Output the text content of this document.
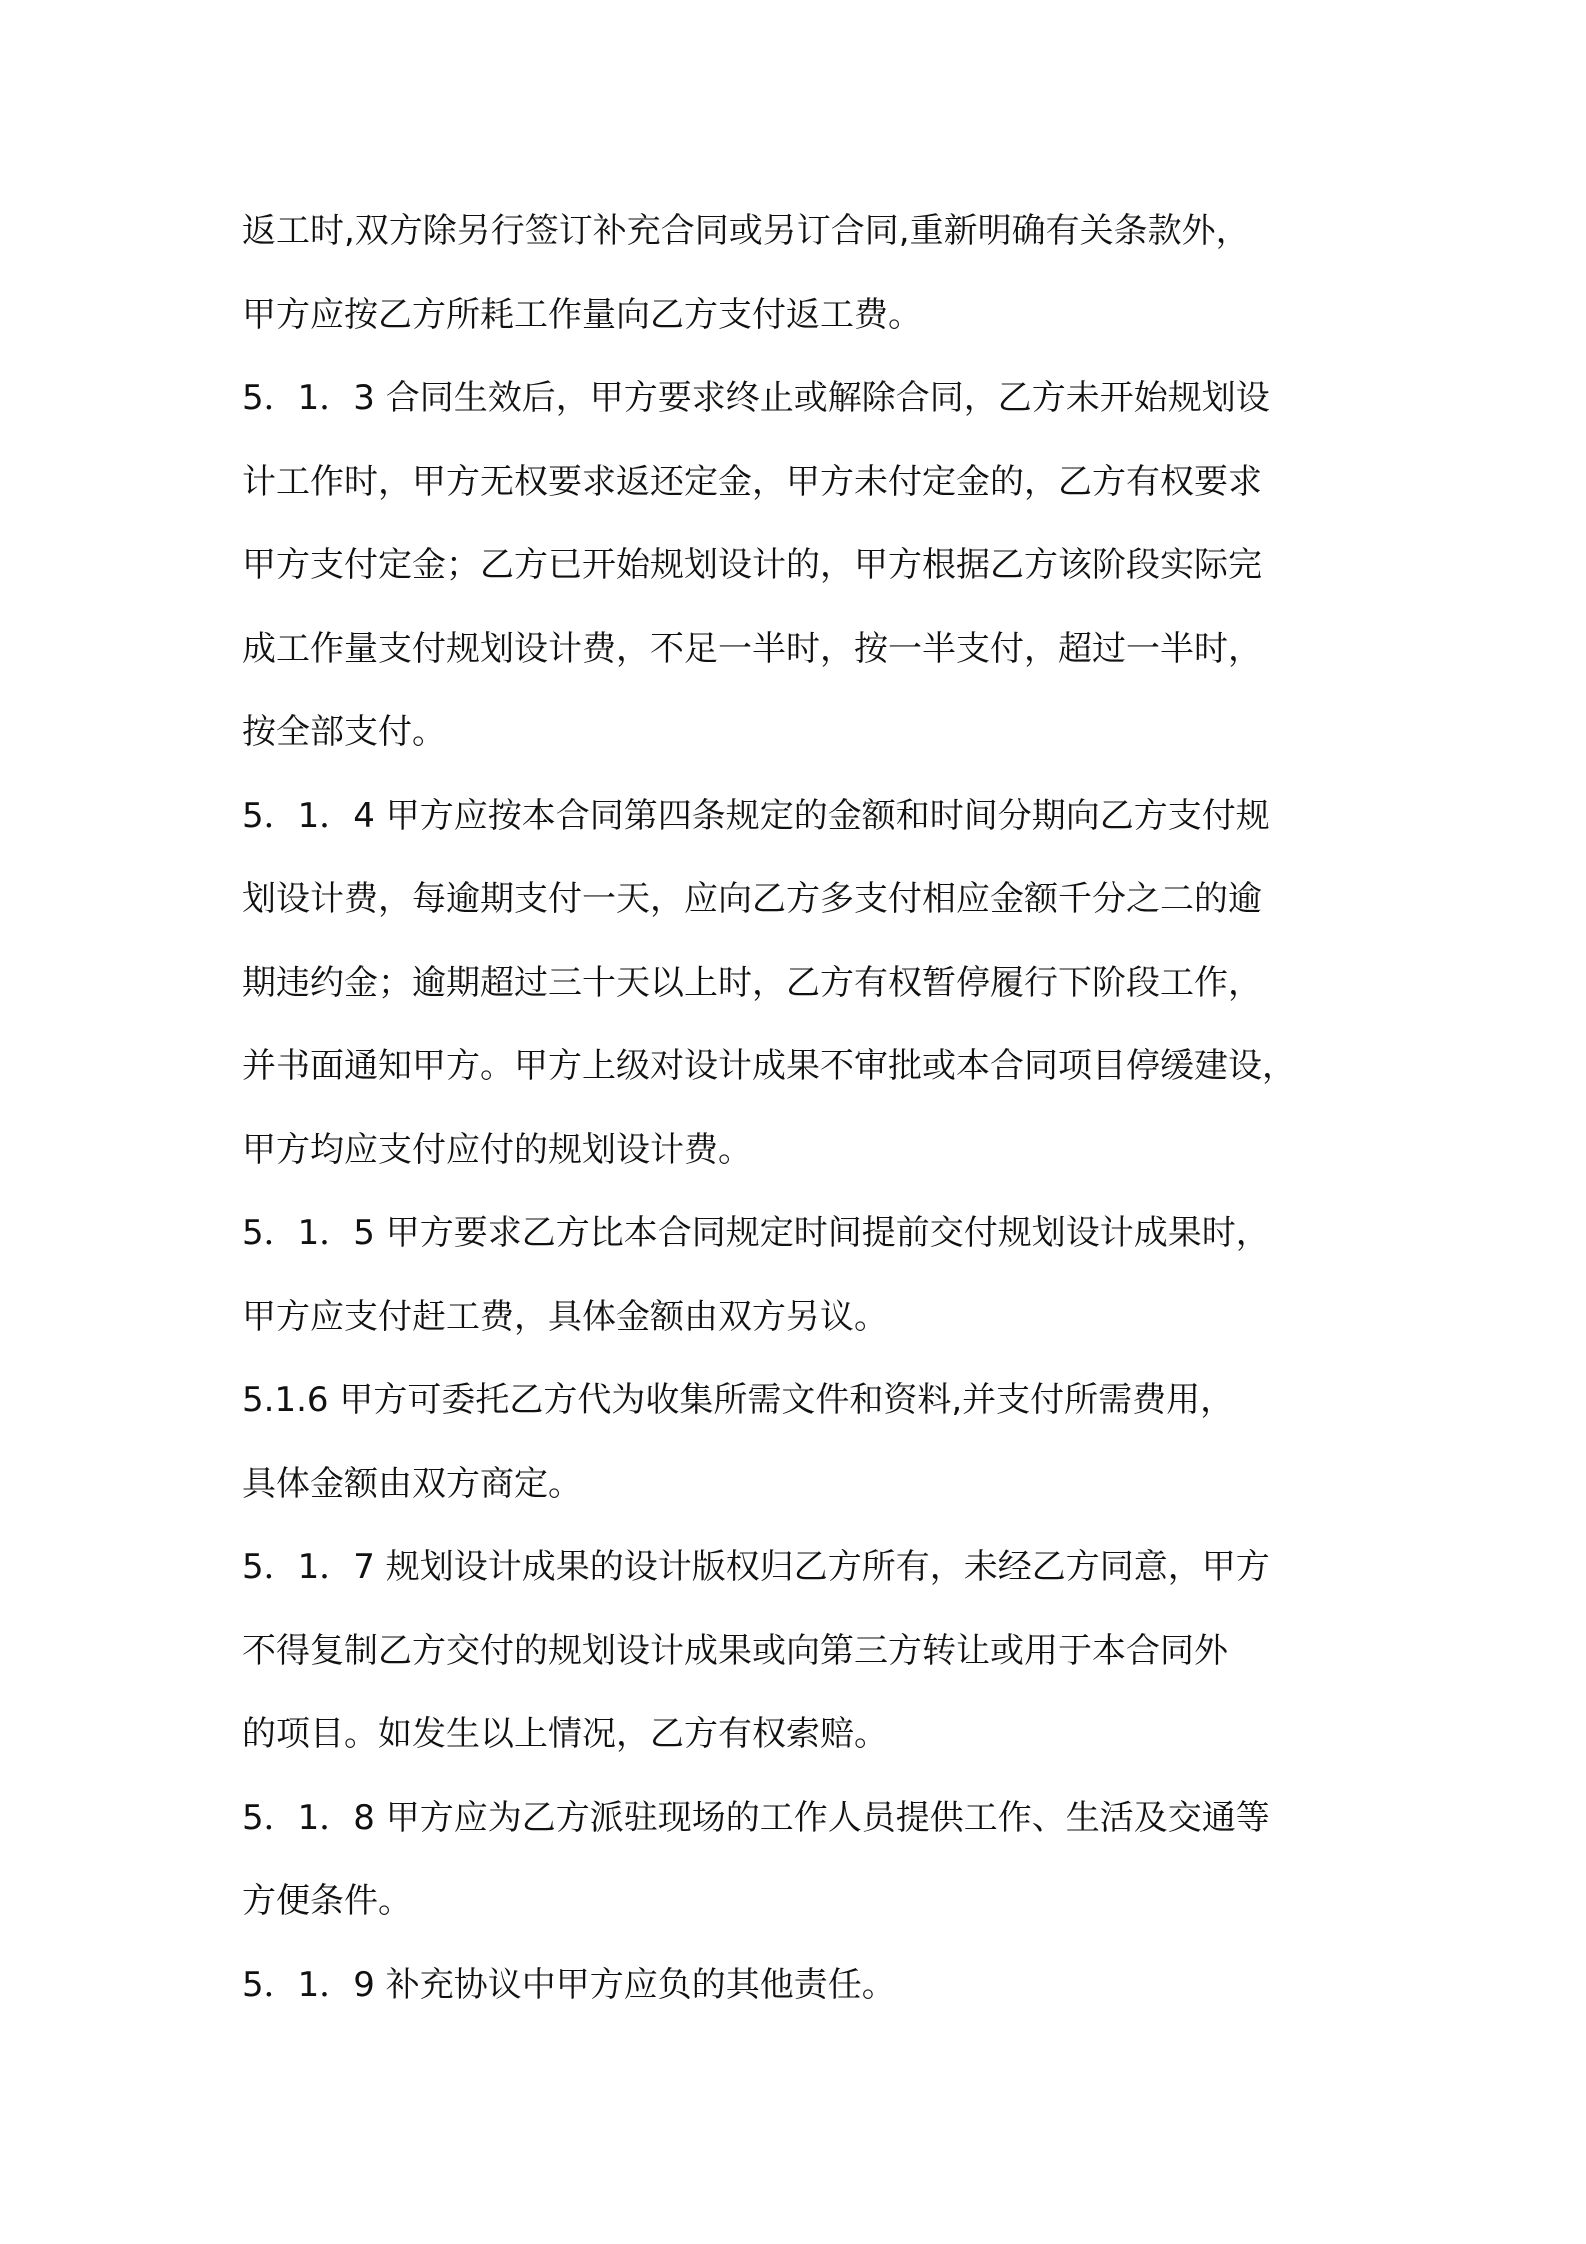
返工时,双方除另行签订补充合同或另订合同,重新明确有关条款外，
甲方应按乙方所耗工作量向乙方支付返工费。
5．1．3 合同生效后，甲方要求终止或解除合同，乙方未开始规划设
计工作时，甲方无权要求返还定金，甲方未付定金的，乙方有权要求
甲方支付定金；乙方已开始规划设计的，甲方根据乙方该阶段实际完
成工作量支付规划设计费，不足一半时，按一半支付，超过一半时，
按全部支付。
5．1．4 甲方应按本合同第四条规定的金额和时间分期向乙方支付规
划设计费，每逾期支付一天，应向乙方多支付相应金额千分之二的逾
期违约金；逾期超过三十天以上时，乙方有权暂停履行下阶段工作，
并书面通知甲方。甲方上级对设计成果不审批或本合同项目停缓建设，
甲方均应支付应付的规划设计费。
5．1．5 甲方要求乙方比本合同规定时间提前交付规划设计成果时，
甲方应支付赶工费，具体金额由双方另议。
5.1.6 甲方可委托乙方代为收集所需文件和资料,并支付所需费用，
具体金额由双方商定。
5．1．7 规划设计成果的设计版权归乙方所有，未经乙方同意，甲方
不得复制乙方交付的规划设计成果或向第三方转让或用于本合同外
的项目。如发生以上情况，乙方有权索赔。
5．1．8 甲方应为乙方派驻现场的工作人员提供工作、生活及交通等
方便条件。
5．1．9 补充协议中甲方应负的其他责任。
